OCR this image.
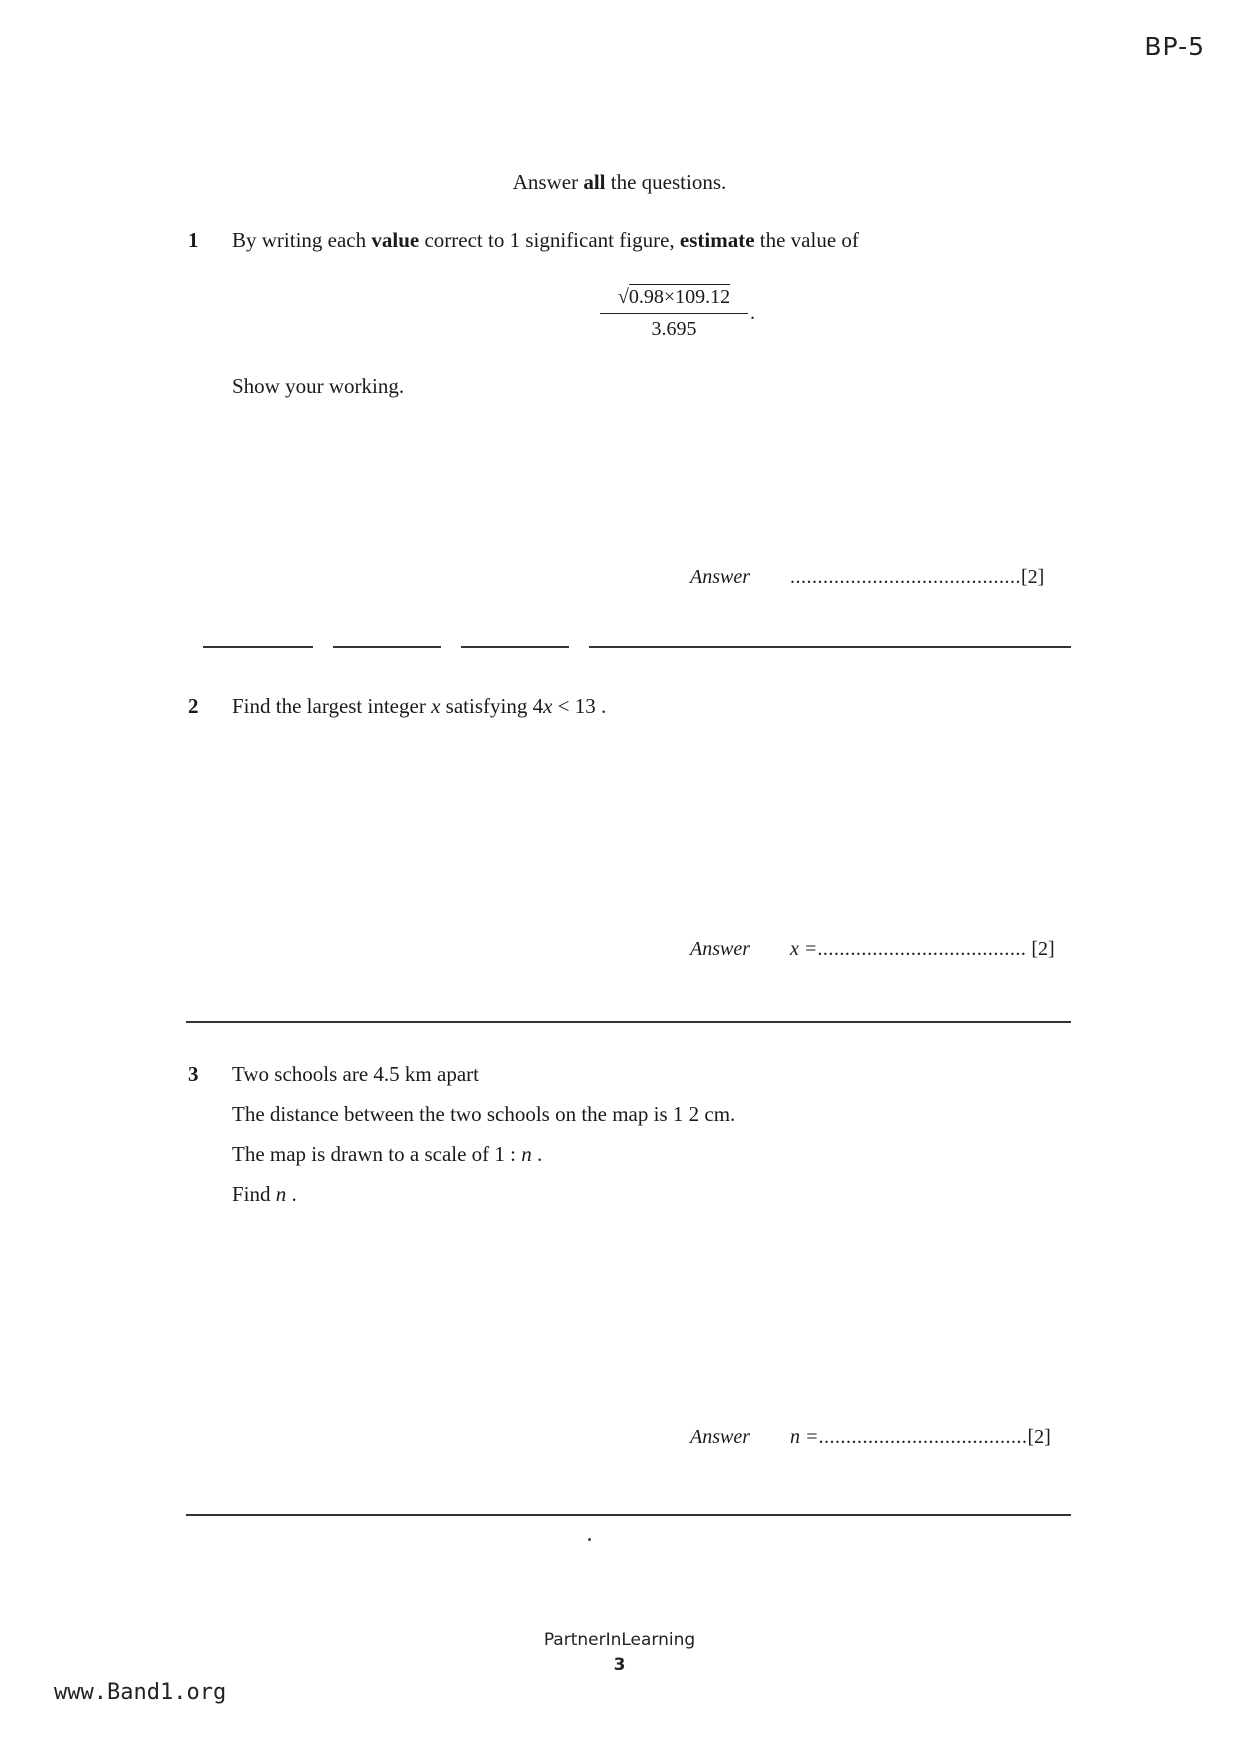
BP-5
Answer all the questions.
1 By writing each value correct to 1 significant figure, estimate the value of
$\frac{√0.98\times 109.12}{3.695}$ .
Show your working.
Answer ..........................................[2]
2 Find the largest integer x satisfying 4x < 13 .
Answer x =...................................... [2]
3 Two schools are 4.5 km apart
The distance between the two schools on the map is 1 2 cm.
The map is drawn to a scale of 1 : n .
Find n .
Answer n =......................................[2]
PartnerInLearning
3
www.Band1.org
